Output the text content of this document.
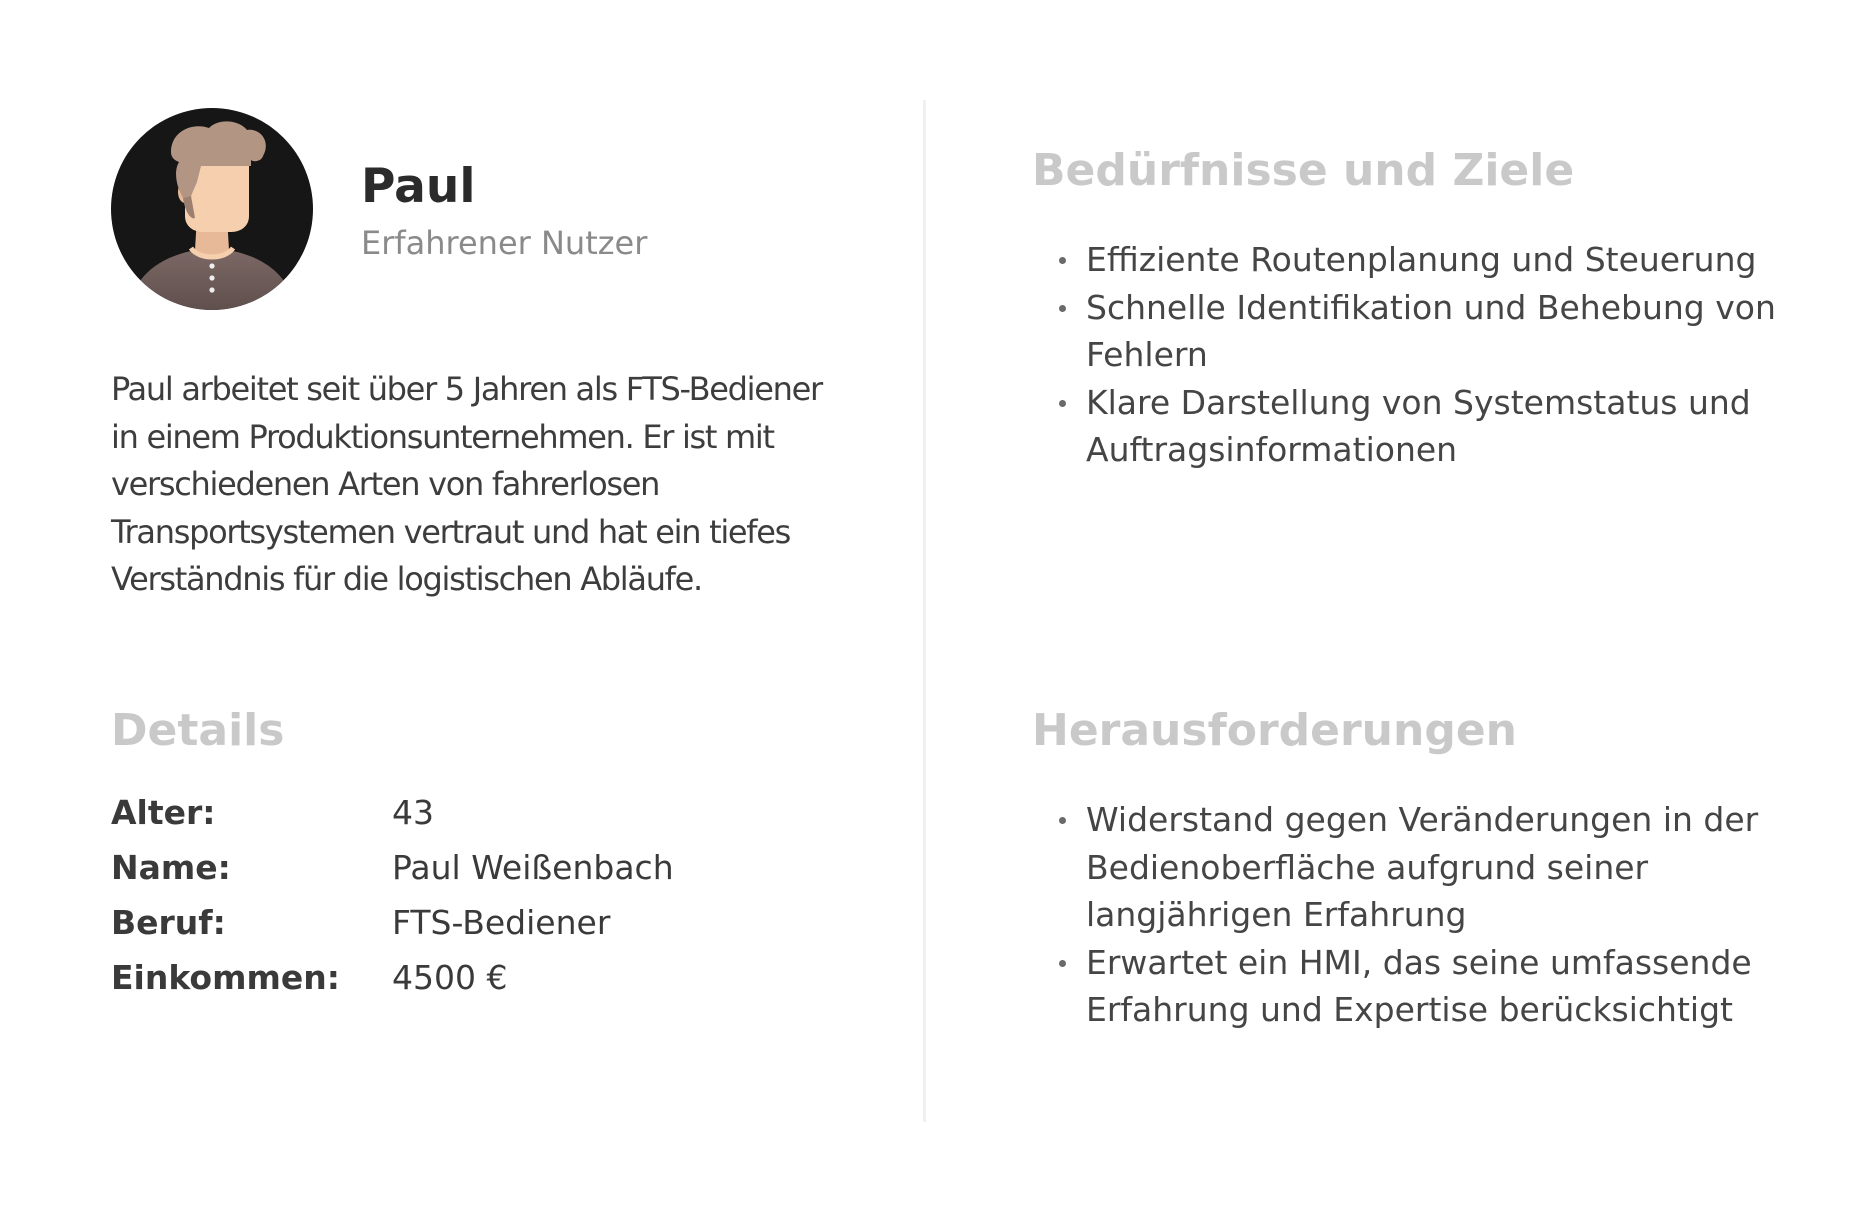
Paul
Erfahrener Nutzer

Paul arbeitet seit über 5 Jahren als FTS-Bediener in einem Produktionsunternehmen. Er ist mit verschiedenen Arten von fahrerlosen Transportsystemen vertraut und hat ein tiefes Verständnis für die logistischen Abläufe.

Details
Alter:	43
Name:	Paul Weißenbach
Beruf:	FTS-Bediener
Einkommen:	4500 €
Bedürfnisse und Ziele
Effiziente Routenplanung und Steuerung
Schnelle Identifikation und Behebung von Fehlern
Klare Darstellung von Systemstatus und Auftragsinformationen
Herausforderungen
Widerstand gegen Veränderungen in der Bedienoberfläche aufgrund seiner langjährigen Erfahrung
Erwartet ein HMI, das seine umfassende Erfahrung und Expertise berücksichtigt
